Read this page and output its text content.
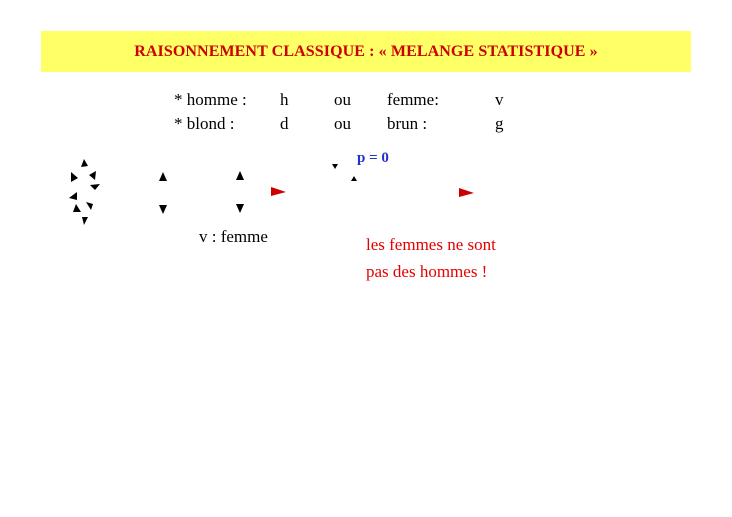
RAISONNEMENT CLASSIQUE : « MELANGE STATISTIQUE »
* homme : h	ou femme:	v
* blond :	d	ou brun :	g
p = 0
v : femme	les femmes ne sont
pas des hommes !
